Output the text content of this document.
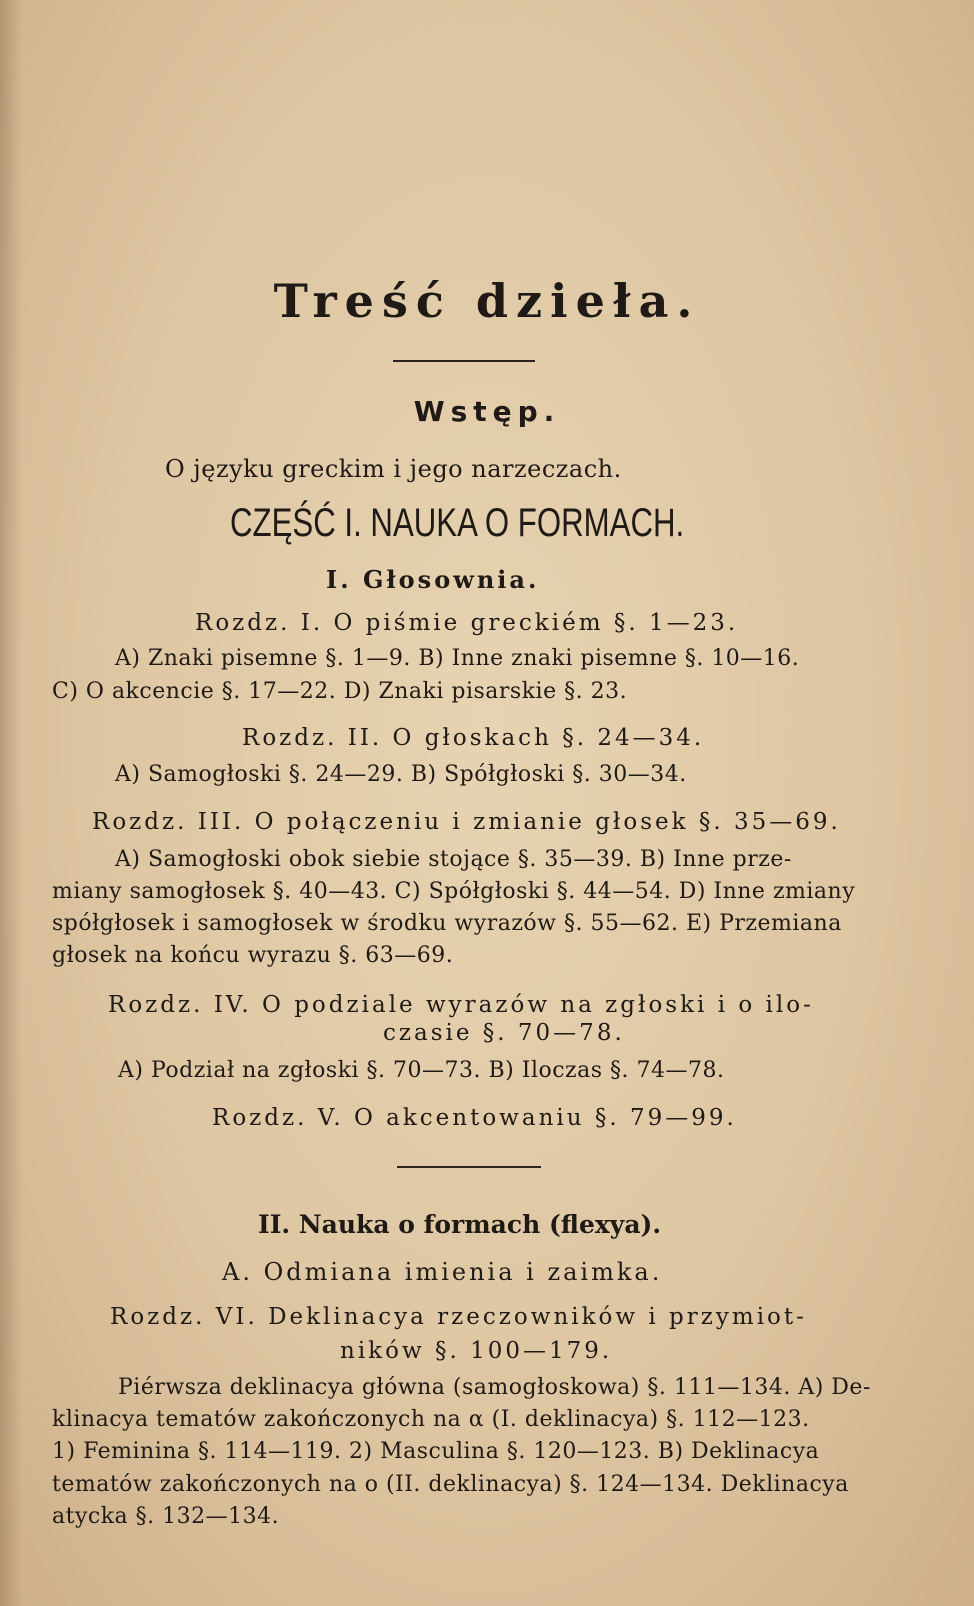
Treść dzieła.
Wstęp.
O języku greckim i jego narzeczach.
CZĘŚĆ I. NAUKA O FORMACH.
I. Głosownia.
Rozdz. I. O piśmie greckiém §. 1—23.
A) Znaki pisemne §. 1—9. B) Inne znaki pisemne §. 10—16.
C) O akcencie §. 17—22. D) Znaki pisarskie §. 23.
Rozdz. II. O głoskach §. 24—34.
A) Samogłoski §. 24—29. B) Spółgłoski §. 30—34.
Rozdz. III. O połączeniu i zmianie głosek §. 35—69.
A) Samogłoski obok siebie stojące §. 35—39. B) Inne prze-
miany samogłosek §. 40—43. C) Spółgłoski §. 44—54. D) Inne zmiany
spółgłosek i samogłosek w środku wyrazów §. 55—62. E) Przemiana
głosek na końcu wyrazu §. 63—69.
Rozdz. IV. O podziale wyrazów na zgłoski i o ilo-
czasie §. 70—78.
A) Podział na zgłoski §. 70—73. B) Iloczas §. 74—78.
Rozdz. V. O akcentowaniu §. 79—99.
II. Nauka o formach (flexya).
A. Odmiana imienia i zaimka.
Rozdz. VI. Deklinacya rzeczowników i przymiot-
ników §. 100—179.
Piérwsza deklinacya główna (samogłoskowa) §. 111—134. A) De-
klinacya tematów zakończonych na α (I. deklinacya) §. 112—123.
1) Feminina §. 114—119. 2) Masculina §. 120—123. B) Deklinacya
tematów zakończonych na ο (II. deklinacya) §. 124—134. Deklinacya
atycka §. 132—134.
